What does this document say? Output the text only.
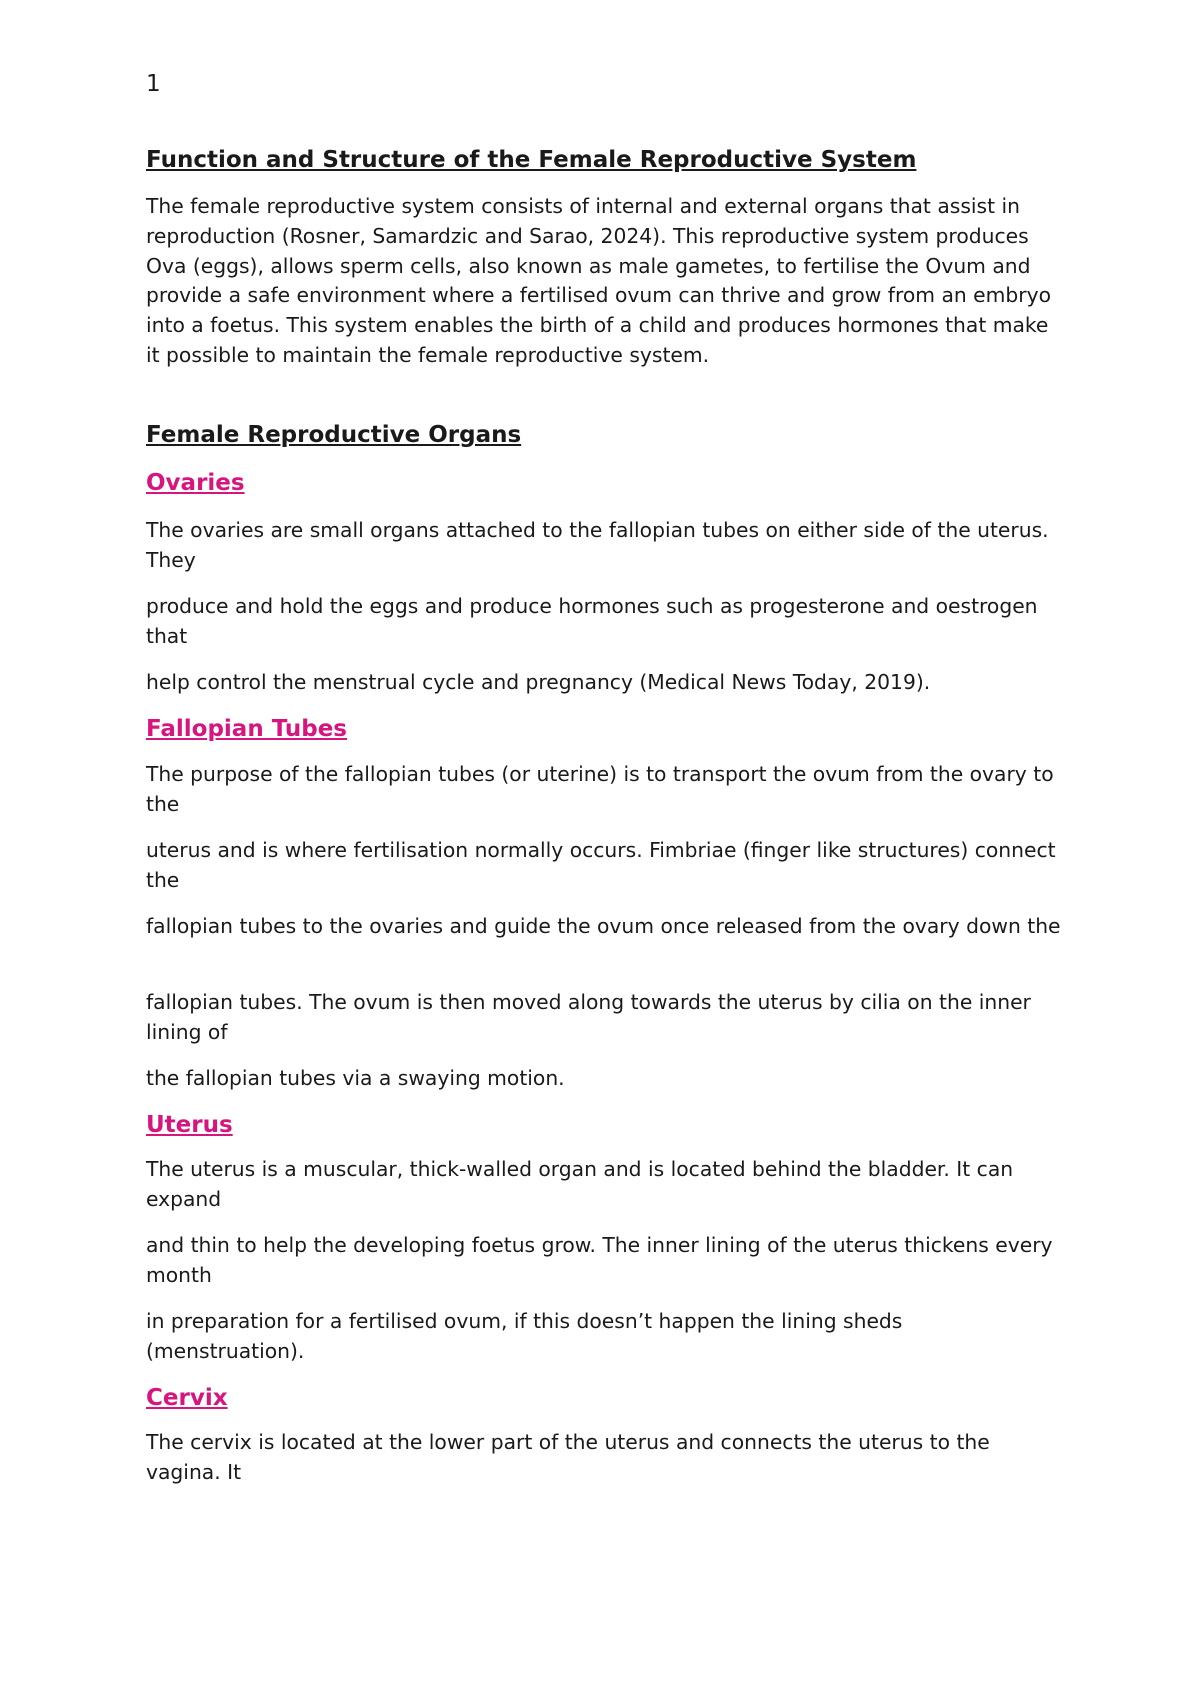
1
Function and Structure of the Female Reproductive System

The female reproductive system consists of internal and external organs that assist in reproduction (Rosner, Samardzic and Sarao, 2024). This reproductive system produces Ova (eggs), allows sperm cells, also known as male gametes, to fertilise the Ovum and provide a safe environment where a fertilised ovum can thrive and grow from an embryo into a foetus. This system enables the birth of a child and produces hormones that make it possible to maintain the female reproductive system.

Female Reproductive Organs
Ovaries

The ovaries are small organs attached to the fallopian tubes on either side of the uterus. They

produce and hold the eggs and produce hormones such as progesterone and oestrogen that

help control the menstrual cycle and pregnancy (Medical News Today, 2019).

Fallopian Tubes

The purpose of the fallopian tubes (or uterine) is to transport the ovum from the ovary to the

uterus and is where fertilisation normally occurs. Fimbriae (finger like structures) connect the

fallopian tubes to the ovaries and guide the ovum once released from the ovary down the

fallopian tubes. The ovum is then moved along towards the uterus by cilia on the inner lining of

the fallopian tubes via a swaying motion.

Uterus

The uterus is a muscular, thick-walled organ and is located behind the bladder. It can expand

and thin to help the developing foetus grow. The inner lining of the uterus thickens every month

in preparation for a fertilised ovum, if this doesn’t happen the lining sheds (menstruation).

Cervix

The cervix is located at the lower part of the uterus and connects the uterus to the vagina. It
